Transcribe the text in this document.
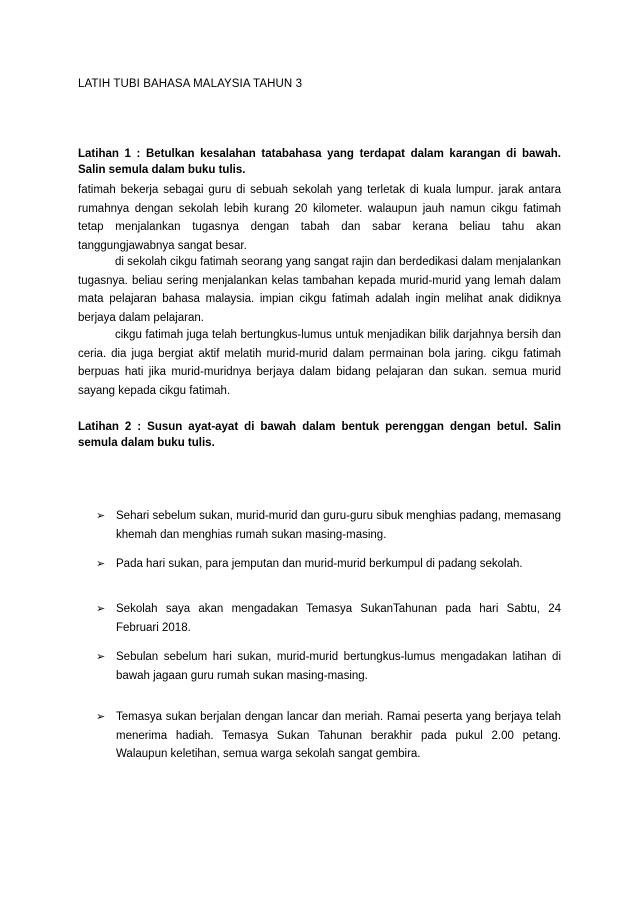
LATIH TUBI BAHASA MALAYSIA TAHUN 3
Latihan 1 : Betulkan kesalahan tatabahasa yang terdapat dalam karangan di bawah. Salin semula dalam buku tulis.
fatimah bekerja sebagai guru di sebuah sekolah yang terletak di kuala lumpur. jarak antara rumahnya dengan sekolah lebih kurang 20 kilometer. walaupun jauh namun cikgu fatimah tetap menjalankan tugasnya dengan tabah dan sabar kerana beliau tahu akan tanggungjawabnya sangat besar.
di sekolah cikgu fatimah seorang yang sangat rajin dan berdedikasi dalam menjalankan tugasnya. beliau sering menjalankan kelas tambahan kepada murid-murid yang lemah dalam mata pelajaran bahasa malaysia. impian cikgu fatimah adalah ingin melihat anak didiknya berjaya dalam pelajaran.
cikgu fatimah juga telah bertungkus-lumus untuk menjadikan bilik darjahnya bersih dan ceria. dia juga bergiat aktif melatih murid-murid dalam permainan bola jaring. cikgu fatimah berpuas hati jika murid-muridnya berjaya dalam bidang pelajaran dan sukan. semua murid sayang kepada cikgu fatimah.
Latihan 2 : Susun ayat-ayat di bawah dalam bentuk perenggan dengan betul. Salin semula dalam buku tulis.
➢ Sehari sebelum sukan, murid-murid dan guru-guru sibuk menghias padang, memasang khemah dan menghias rumah sukan masing-masing.
➢ Pada hari sukan, para jemputan dan murid-murid berkumpul di padang sekolah.
➢ Sekolah saya akan mengadakan Temasya SukanTahunan pada hari Sabtu, 24 Februari 2018.
➢ Sebulan sebelum hari sukan, murid-murid bertungkus-lumus mengadakan latihan di bawah jagaan guru rumah sukan masing-masing.
➢ Temasya sukan berjalan dengan lancar dan meriah. Ramai peserta yang berjaya telah menerima hadiah. Temasya Sukan Tahunan berakhir pada pukul 2.00 petang. Walaupun keletihan, semua warga sekolah sangat gembira.
